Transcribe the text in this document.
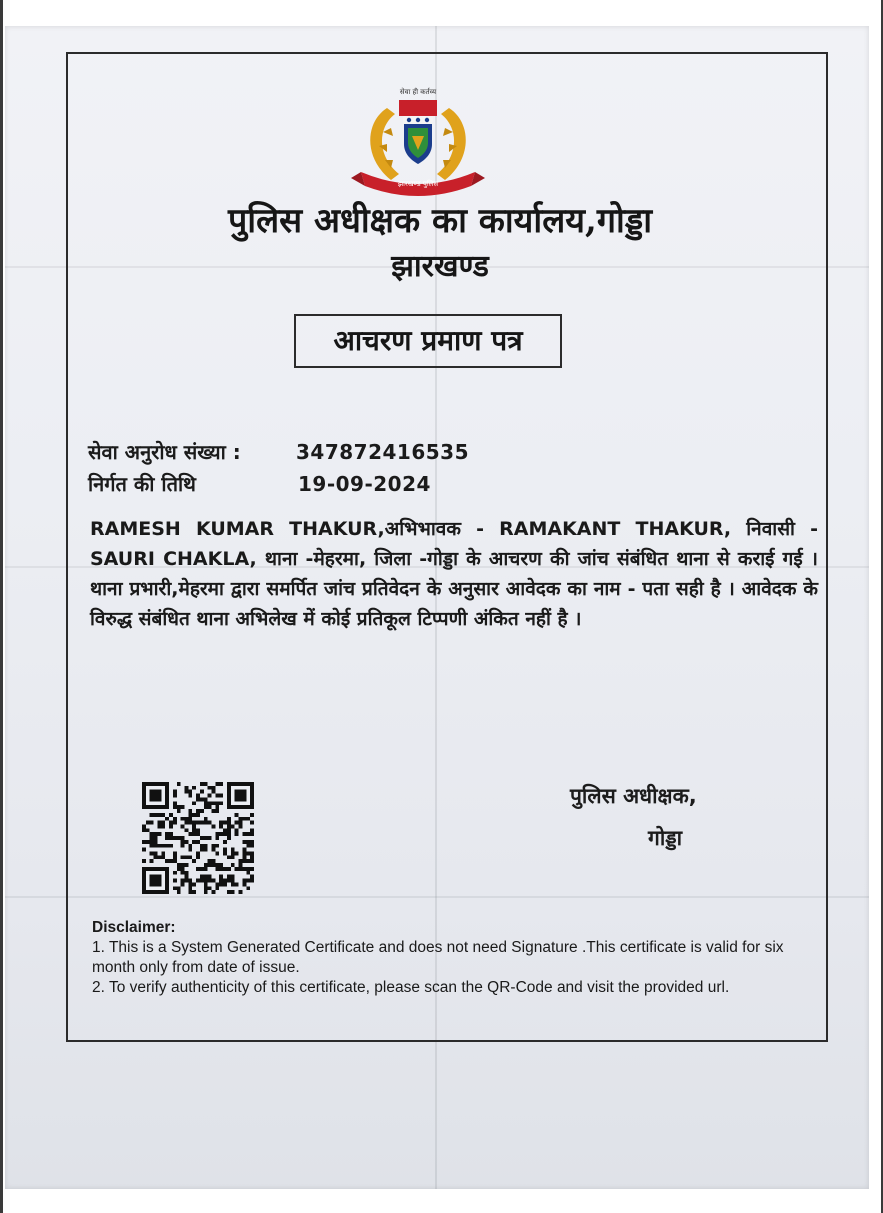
सेवा ही कर्तव्य
झारखण्ड पुलिस
पुलिस अधीक्षक का कार्यालय,गोड्डा
झारखण्ड
आचरण प्रमाण पत्र
सेवा अनुरोध संख्या :	347872416535
निर्गत की तिथि	19-09-2024
RAMESH KUMAR THAKUR,अभिभावक - RAMAKANT THAKUR, निवासी - SAURI CHAKLA, थाना -मेहरमा, जिला -गोड्डा के आचरण की जांच संबंधित थाना से कराई गई । थाना प्रभारी,मेहरमा द्वारा समर्पित जांच प्रतिवेदन के अनुसार आवेदक का नाम - पता सही है । आवेदक के विरुद्ध संबंधित थाना अभिलेख में कोई प्रतिकूल टिप्पणी अंकित नहीं है ।
पुलिस अधीक्षक,
गोड्डा

Disclaimer:

1. This is a System Generated Certificate and does not need Signature .This certificate is valid for six month only from date of issue.

2. To verify authenticity of this certificate, please scan the QR-Code and visit the provided url.
